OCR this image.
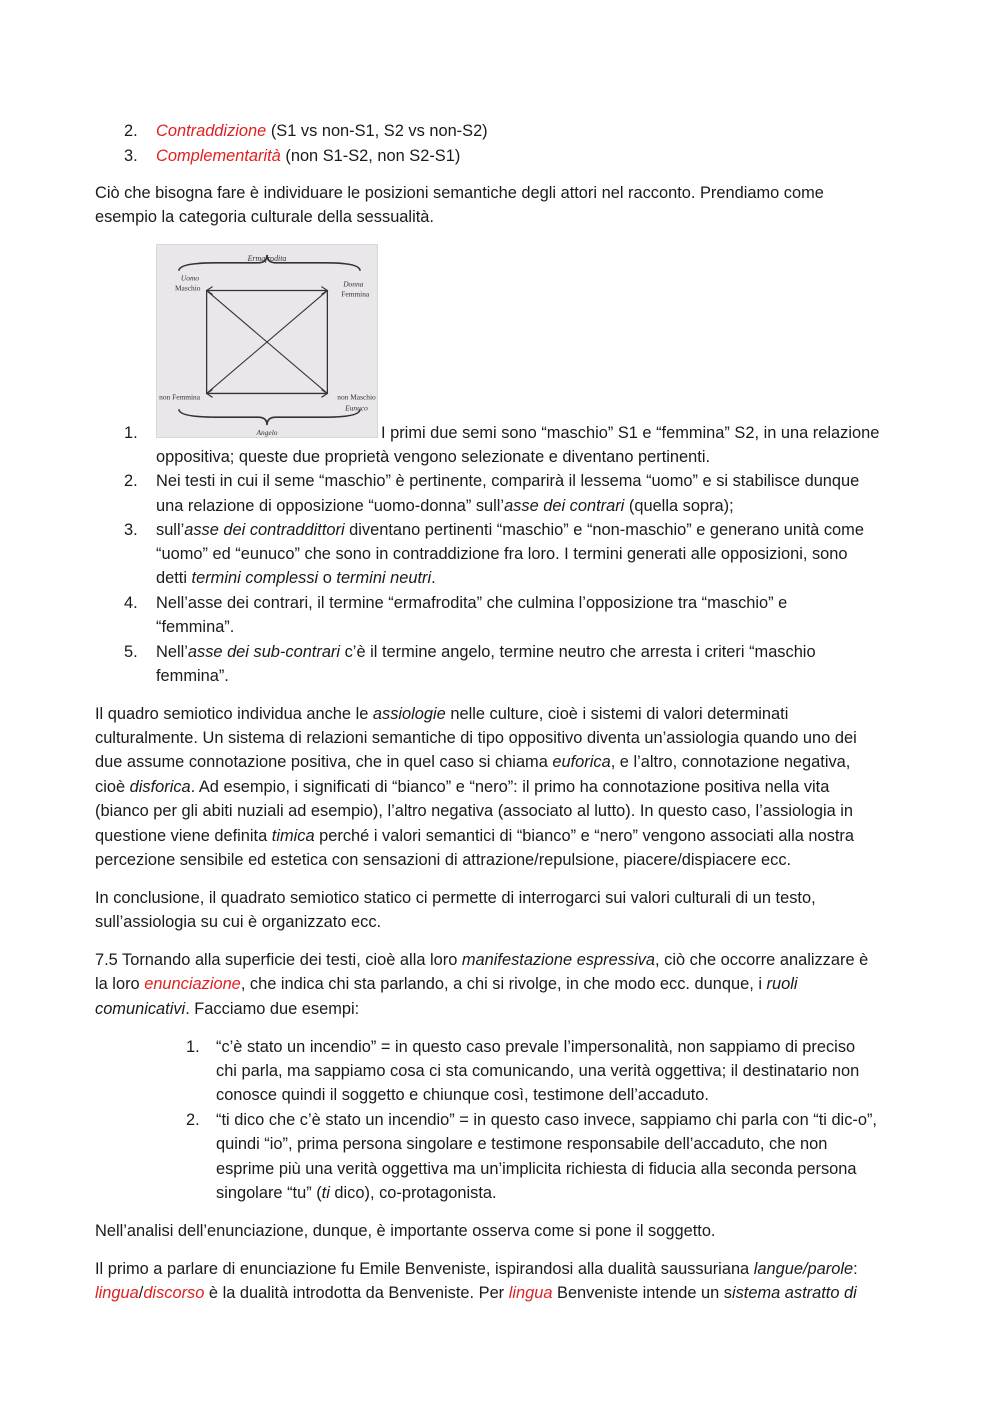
2. Contraddizione (S1 vs non-S1, S2 vs non-S2)
3. Complementarità (non S1-S2, non S2-S1)
Ciò che bisogna fare è individuare le posizioni semantiche degli attori nel racconto. Prendiamo come
esempio la categoria culturale della sessualità.
Ermafrodita
Uomo
Maschio	Donna
Femmina
non Femmina	non Maschio
Eunuco
Angelo
1.	I primi due semi sono “maschio” S1 e “femmina” S2, in una relazione
oppositiva; queste due proprietà vengono selezionate e diventano pertinenti.
2. Nei testi in cui il seme “maschio” è pertinente, comparirà il lessema “uomo” e si stabilisce dunque
una relazione di opposizione “uomo-donna” sull’asse dei contrari (quella sopra);
3. sull’asse dei contraddittori diventano pertinenti “maschio” e “non-maschio” e generano unità come
“uomo” ed “eunuco” che sono in contraddizione fra loro. I termini generati alle opposizioni, sono
detti termini complessi o termini neutri.
4. Nell’asse dei contrari, il termine “ermafrodita” che culmina l’opposizione tra “maschio” e
“femmina”.
5. Nell’asse dei sub-contrari c’è il termine angelo, termine neutro che arresta i criteri “maschio
femmina”.
Il quadro semiotico individua anche le assiologie nelle culture, cioè i sistemi di valori determinati
culturalmente. Un sistema di relazioni semantiche di tipo oppositivo diventa un’assiologia quando uno dei
due assume connotazione positiva, che in quel caso si chiama euforica, e l’altro, connotazione negativa,
cioè disforica. Ad esempio, i significati di “bianco” e “nero”: il primo ha connotazione positiva nella vita
(bianco per gli abiti nuziali ad esempio), l’altro negativa (associato al lutto). In questo caso, l’assiologia in
questione viene definita timica perché i valori semantici di “bianco” e “nero” vengono associati alla nostra
percezione sensibile ed estetica con sensazioni di attrazione/repulsione, piacere/dispiacere ecc.
In conclusione, il quadrato semiotico statico ci permette di interrogarci sui valori culturali di un testo,
sull’assiologia su cui è organizzato ecc.
7.5 Tornando alla superficie dei testi, cioè alla loro manifestazione espressiva, ciò che occorre analizzare è
la loro enunciazione, che indica chi sta parlando, a chi si rivolge, in che modo ecc. dunque, i ruoli
comunicativi. Facciamo due esempi:
1. “c’è stato un incendio” = in questo caso prevale l’impersonalità, non sappiamo di preciso
chi parla, ma sappiamo cosa ci sta comunicando, una verità oggettiva; il destinatario non
conosce quindi il soggetto e chiunque così, testimone dell’accaduto.
2. “ti dico che c’è stato un incendio” = in questo caso invece, sappiamo chi parla con “ti dic-o”,
quindi “io”, prima persona singolare e testimone responsabile dell’accaduto, che non
esprime più una verità oggettiva ma un’implicita richiesta di fiducia alla seconda persona
singolare “tu” (ti dico), co-protagonista.
Nell’analisi dell’enunciazione, dunque, è importante osserva come si pone il soggetto.
Il primo a parlare di enunciazione fu Emile Benveniste, ispirandosi alla dualità saussuriana langue/parole:
lingua/discorso è la dualità introdotta da Benveniste. Per lingua Benveniste intende un sistema astratto di
